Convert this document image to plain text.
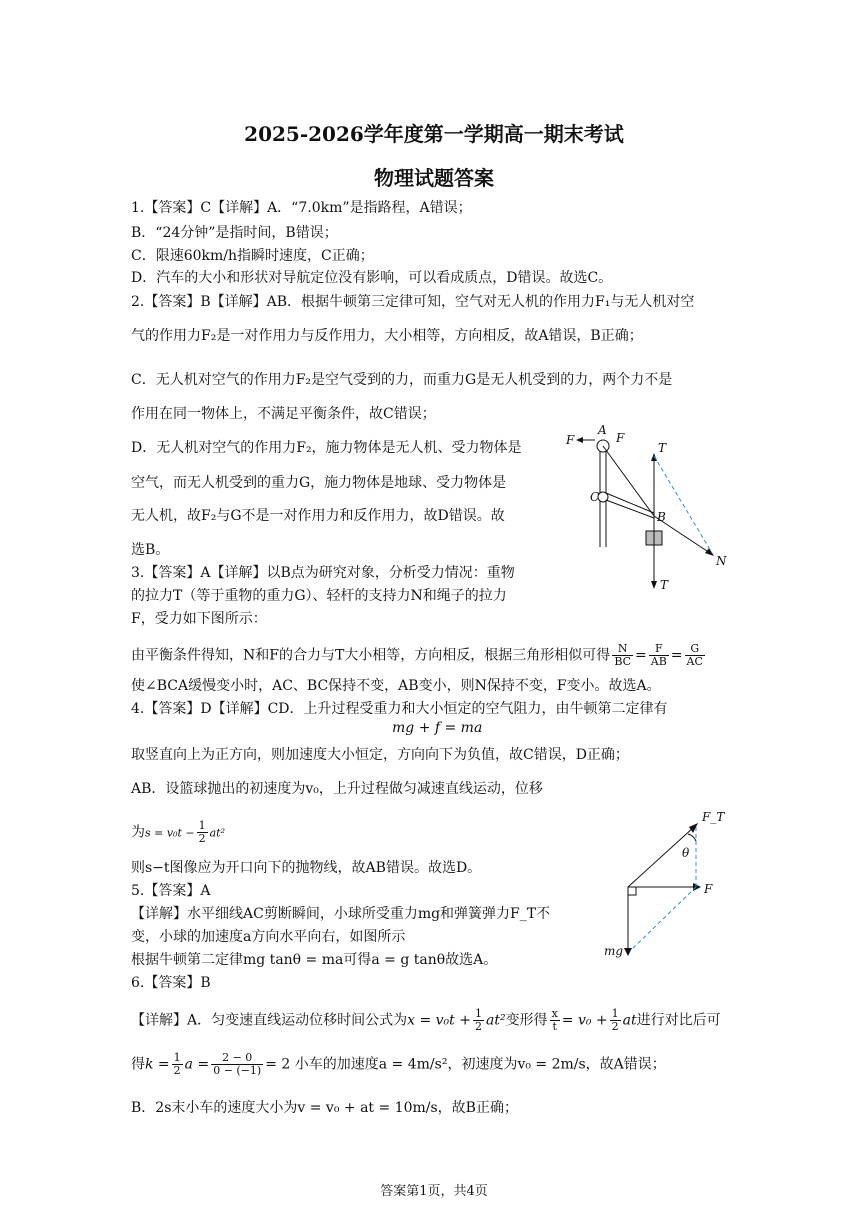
2025-2026学年度第一学期高一期末考试
物理试题答案
1.【答案】C【详解】A．“7.0km”是指路程，A错误；
B．“24分钟”是指时间，B错误；
C．限速60km/h指瞬时速度，C正确；
D．汽车的大小和形状对导航定位没有影响，可以看成质点，D错误。故选C。
2.【答案】B【详解】AB．根据牛顿第三定律可知，空气对无人机的作用力F₁与无人机对空
气的作用力F₂是一对作用力与反作用力，大小相等，方向相反，故A错误，B正确；
C．无人机对空气的作用力F₂是空气受到的力，而重力G是无人机受到的力，两个力不是
作用在同一物体上，不满足平衡条件，故C错误；
D．无人机对空气的作用力F₂，施力物体是无人机、受力物体是
空气，而无人机受到的重力G，施力物体是地球、受力物体是
无人机，故F₂与G不是一对作用力和反作用力，故D错误。故
选B。
3.【答案】A【详解】以B点为研究对象，分析受力情况：重物
的拉力T（等于重物的重力G）、轻杆的支持力N和绳子的拉力
F，受力如下图所示：
由平衡条件得知，N和F的合力与T大小相等，方向相反，根据三角形相似可得 $\frac{N}{BC} = \frac{F}{AB} = \frac{G}{AC}$
使∠BCA缓慢变小时，AC、BC保持不变，AB变小，则N保持不变，F变小。故选A。
4.【答案】D【详解】CD．上升过程受重力和大小恒定的空气阻力，由牛顿第二定律有
mg + f = ma
取竖直向上为正方向，则加速度大小恒定，方向向下为负值，故C错误，D正确；
AB．设篮球抛出的初速度为v₀，上升过程做匀减速直线运动，位移
为$s = v_0t - \frac{1}{2} at^2$
则s−t图像应为开口向下的抛物线，故AB错误。故选D。
5.【答案】A
【详解】水平细线AC剪断瞬间，小球所受重力mg和弹簧弹力F_T不
变，小球的加速度a方向水平向右，如图所示
根据牛顿第二定律mg tanθ = ma可得a = g tanθ故选A。
6.【答案】B
【详解】A．匀变速直线运动位移时间公式为$x = v_0t + \frac{1}{2} at^2$变形得 $\frac{x}{t} = v_0 + \frac{1}{2}$ at进行对比后可
得$k = \frac{1}{2}$ $a = \frac{2 - 0}{0 - (-1)} = 2$ 小车的加速度a = 4m/s²，初速度为v₀ = 2m/s，故A错误；
B．2s末小车的速度大小为v = v₀ + at = 10m/s，故B正确；
F
A
F
T
C
B
N
T
F_T
θ
F
mg
答案第1页，共4页
